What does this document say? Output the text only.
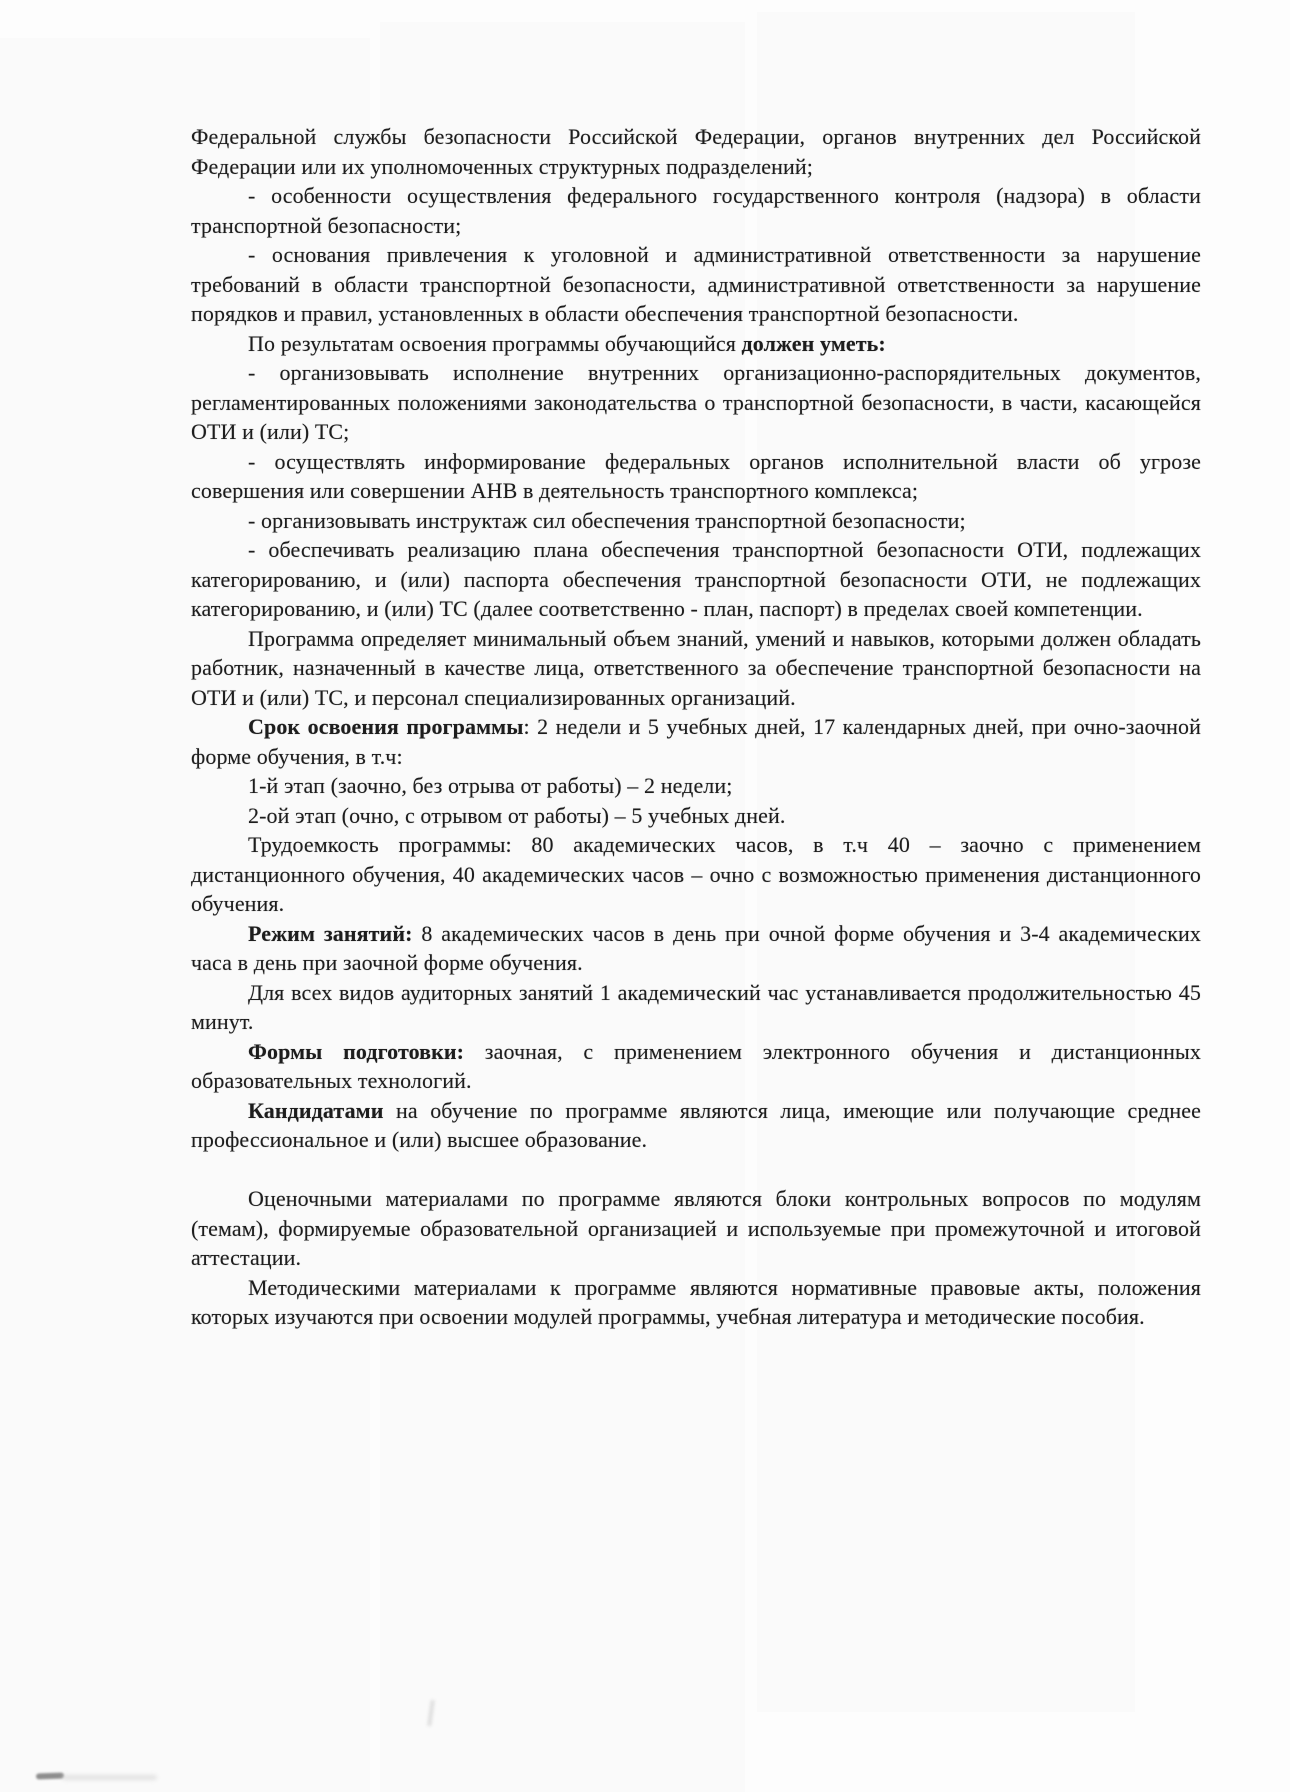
Федеральной службы безопасности Российской Федерации, органов внутренних дел Российской Федерации или их уполномоченных структурных подразделений;

- особенности осуществления федерального государственного контроля (надзора) в области транспортной безопасности;

- основания привлечения к уголовной и административной ответственности за нарушение требований в области транспортной безопасности, административной ответственности за нарушение порядков и правил, установленных в области обеспечения транспортной безопасности.

По результатам освоения программы обучающийся должен уметь:

- организовывать исполнение внутренних организационно-распорядительных документов, регламентированных положениями законодательства о транспортной безопасности, в части, касающейся ОТИ и (или) ТС;

- осуществлять информирование федеральных органов исполнительной власти об угрозе совершения или совершении АНВ в деятельность транспортного комплекса;

- организовывать инструктаж сил обеспечения транспортной безопасности;

- обеспечивать реализацию плана обеспечения транспортной безопасности ОТИ, подлежащих категорированию, и (или) паспорта обеспечения транспортной безопасности ОТИ, не подлежащих категорированию, и (или) ТС (далее соответственно - план, паспорт) в пределах своей компетенции.

Программа определяет минимальный объем знаний, умений и навыков, которыми должен обладать работник, назначенный в качестве лица, ответственного за обеспечение транспортной безопасности на ОТИ и (или) ТС, и персонал специализированных организаций.

Срок освоения программы: 2 недели и 5 учебных дней, 17 календарных дней, при очно-заочной форме обучения, в т.ч:

1-й этап (заочно, без отрыва от работы) – 2 недели;

2-ой этап (очно, с отрывом от работы) – 5 учебных дней.

Трудоемкость программы: 80 академических часов, в т.ч 40 – заочно с применением дистанционного обучения, 40 академических часов – очно с возможностью применения дистанционного обучения.

Режим занятий: 8 академических часов в день при очной форме обучения и 3-4 академических часа в день при заочной форме обучения.

Для всех видов аудиторных занятий 1 академический час устанавливается продолжительностью 45 минут.

Формы подготовки: заочная, с применением электронного обучения и дистанционных образовательных технологий.

Кандидатами на обучение по программе являются лица, имеющие или получающие среднее профессиональное и (или) высшее образование.

Оценочными материалами по программе являются блоки контрольных вопросов по модулям (темам), формируемые образовательной организацией и используемые при промежуточной и итоговой аттестации.

Методическими материалами к программе являются нормативные правовые акты, положения которых изучаются при освоении модулей программы, учебная литература и методические пособия.
